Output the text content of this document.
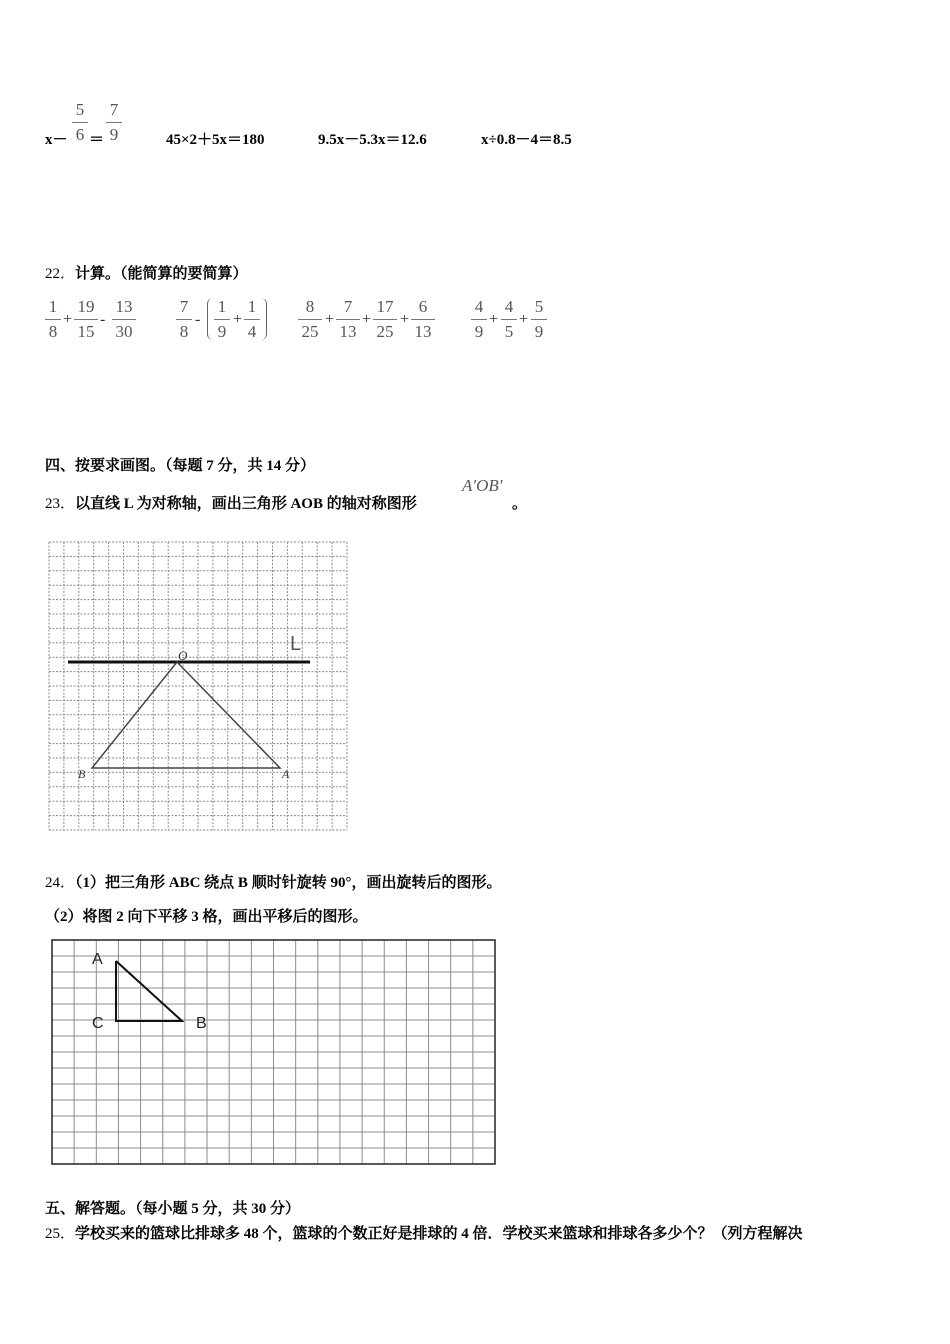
x－
5
6 ＝
7
9	45×2＋5x＝180	9.5x－5.3x＝12.6	x÷0.8－4＝8.5
22．计算。（能简算的要简算）
1
8
+
19
15
-
13
30
7
8
-
1
9
+
1
4
8
25
+
7
13
+
17
25
+
6
13
4
9
+
4
5
+
5
9
四、按要求画图。（每题 7 分，共 14 分）
23．以直线 L 为对称轴，画出三角形 AOB 的轴对称图形
A′OB′
。
L
O
A
B
24．（1）把三角形 ABC 绕点 B 顺时针旋转 90°，画出旋转后的图形。
（2）将图 2 向下平移 3 格，画出平移后的图形。
A
C	B
五、解答题。（每小题 5 分，共 30 分）
25．学校买来的篮球比排球多 48 个，篮球的个数正好是排球的 4 倍．学校买来篮球和排球各多少个？（列方程解决
